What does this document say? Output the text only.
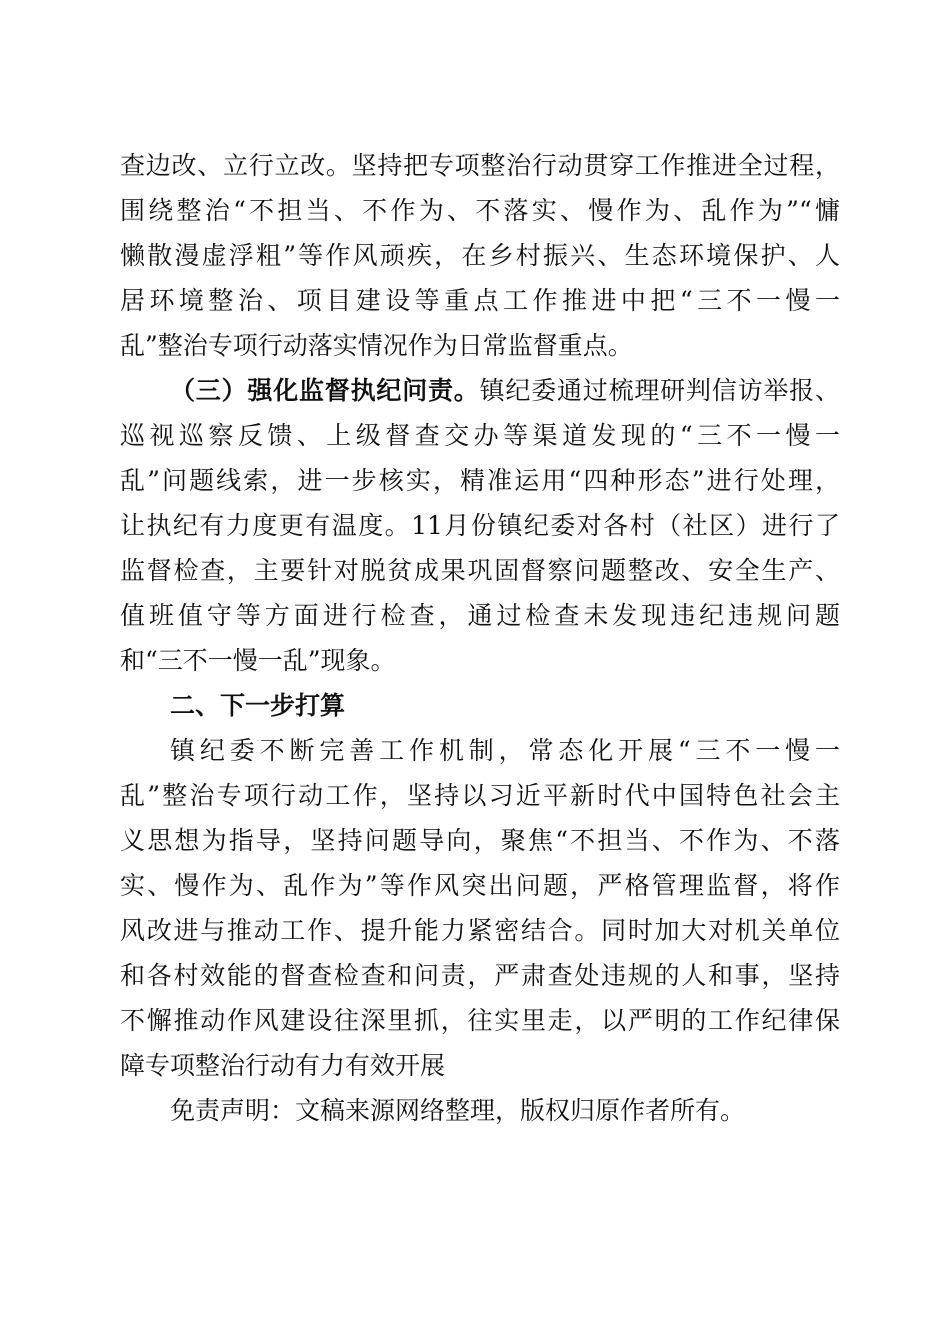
查边改、立行立改。坚持把专项整治行动贯穿工作推进全过程，
围绕整治“不担当、不作为、不落实、慢作为、乱作为”“慵
懒散漫虚浮粗”等作风顽疾，在乡村振兴、生态环境保护、人
居环境整治、项目建设等重点工作推进中把“三不一慢一
乱”整治专项行动落实情况作为日常监督重点。
（三）强化监督执纪问责。镇纪委通过梳理研判信访举报、
巡视巡察反馈、上级督查交办等渠道发现的“三不一慢一
乱”问题线索，进一步核实，精准运用“四种形态”进行处理，
让执纪有力度更有温度。11月份镇纪委对各村（社区）进行了
监督检查，主要针对脱贫成果巩固督察问题整改、安全生产、
值班值守等方面进行检查，通过检查未发现违纪违规问题
和“三不一慢一乱”现象。
二、下一步打算
镇纪委不断完善工作机制，常态化开展“三不一慢一
乱”整治专项行动工作，坚持以习近平新时代中国特色社会主
义思想为指导，坚持问题导向，聚焦“不担当、不作为、不落
实、慢作为、乱作为”等作风突出问题，严格管理监督，将作
风改进与推动工作、提升能力紧密结合。同时加大对机关单位
和各村效能的督查检查和问责，严肃查处违规的人和事，坚持
不懈推动作风建设往深里抓，往实里走，以严明的工作纪律保
障专项整治行动有力有效开展
免责声明：文稿来源网络整理，版权归原作者所有。
